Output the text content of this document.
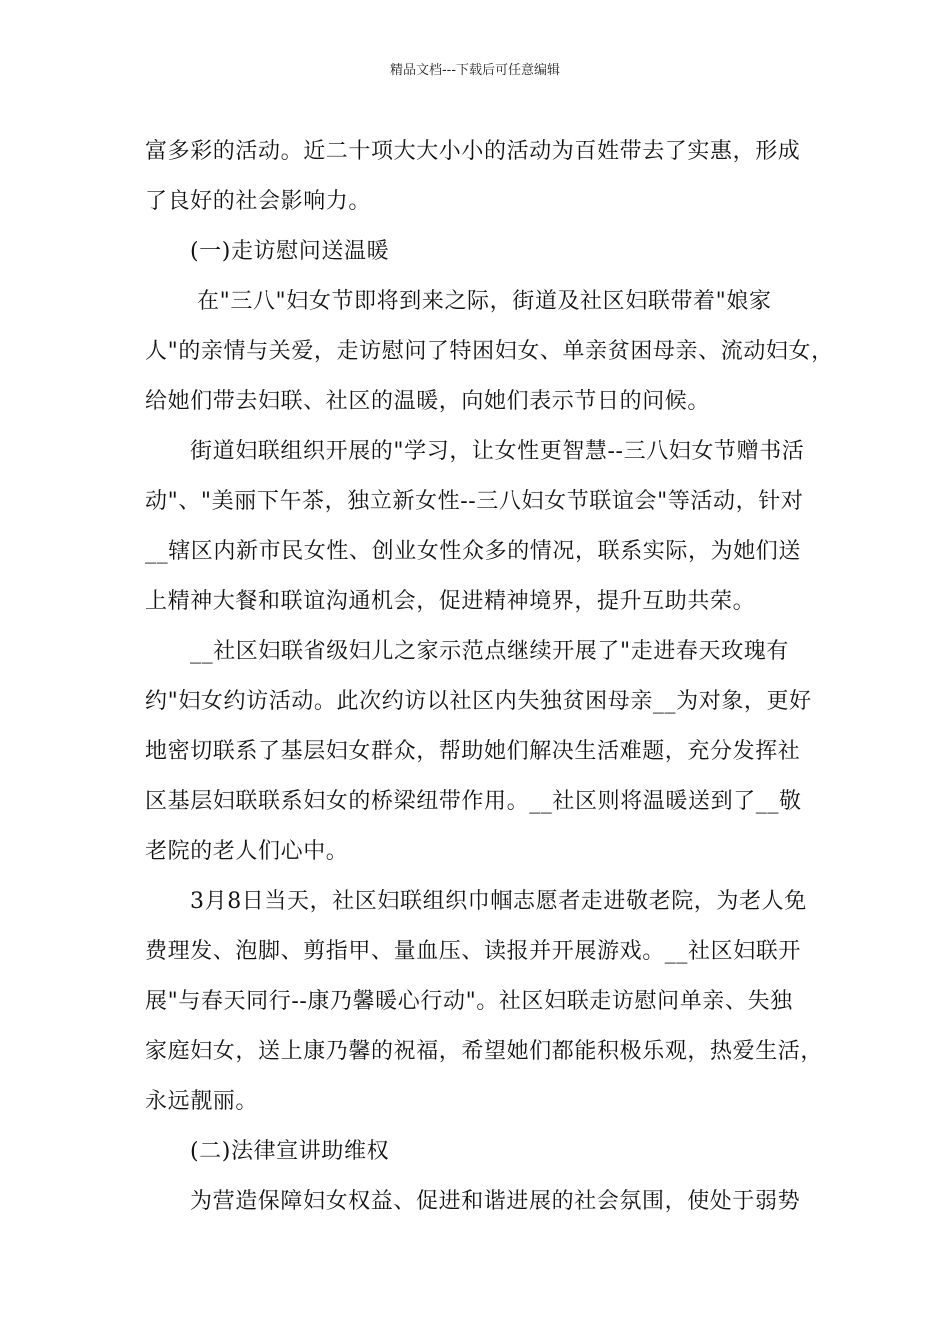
精品文档---下载后可任意编辑
富多彩的活动。近二十项大大小小的活动为百姓带去了实惠，形成
了良好的社会影响力。
(一)走访慰问送温暖
在"三八"妇女节即将到来之际，街道及社区妇联带着"娘家
人"的亲情与关爱，走访慰问了特困妇女、单亲贫困母亲、流动妇女，
给她们带去妇联、社区的温暖，向她们表示节日的问候。
街道妇联组织开展的"学习，让女性更智慧--三八妇女节赠书活
动"、"美丽下午茶，独立新女性--三八妇女节联谊会"等活动，针对
__辖区内新市民女性、创业女性众多的情况，联系实际，为她们送
上精神大餐和联谊沟通机会，促进精神境界，提升互助共荣。
__社区妇联省级妇儿之家示范点继续开展了"走进春天玫瑰有
约"妇女约访活动。此次约访以社区内失独贫困母亲__为对象，更好
地密切联系了基层妇女群众，帮助她们解决生活难题，充分发挥社
区基层妇联联系妇女的桥梁纽带作用。__社区则将温暖送到了__敬
老院的老人们心中。
3月8日当天，社区妇联组织巾帼志愿者走进敬老院，为老人免
费理发、泡脚、剪指甲、量血压、读报并开展游戏。__社区妇联开
展"与春天同行--康乃馨暖心行动"。社区妇联走访慰问单亲、失独
家庭妇女，送上康乃馨的祝福，希望她们都能积极乐观，热爱生活，
永远靓丽。
(二)法律宣讲助维权
为营造保障妇女权益、促进和谐进展的社会氛围，使处于弱势
